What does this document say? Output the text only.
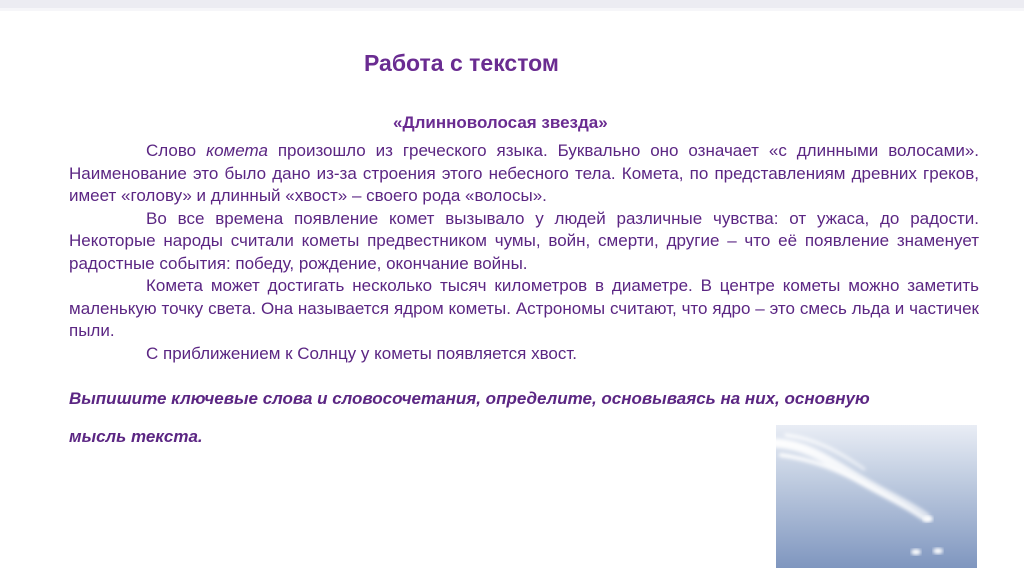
Работа с текстом
«Длинноволосая звезда»

Слово комета произошло из греческого языка. Буквально оно означает «с длинными волосами». Наименование это было дано из-за строения этого небесного тела. Комета, по представлениям древних греков, имеет «голову» и длинный «хвост» – своего рода «волосы».

Во все времена появление комет вызывало у людей различные чувства: от ужаса, до радости. Некоторые народы считали кометы предвестником чумы, войн, смерти, другие – что её появление знаменует радостные события: победу, рождение, окончание войны.

Комета может достигать несколько тысяч километров в диаметре. В центре кометы можно заметить маленькую точку света. Она называется ядром кометы. Астрономы считают, что ядро – это смесь льда и частичек пыли.

С приближением к Солнцу у кометы появляется хвост.

Выпишите ключевые слова и словосочетания, определите, основываясь на них, основную мысль текста.
